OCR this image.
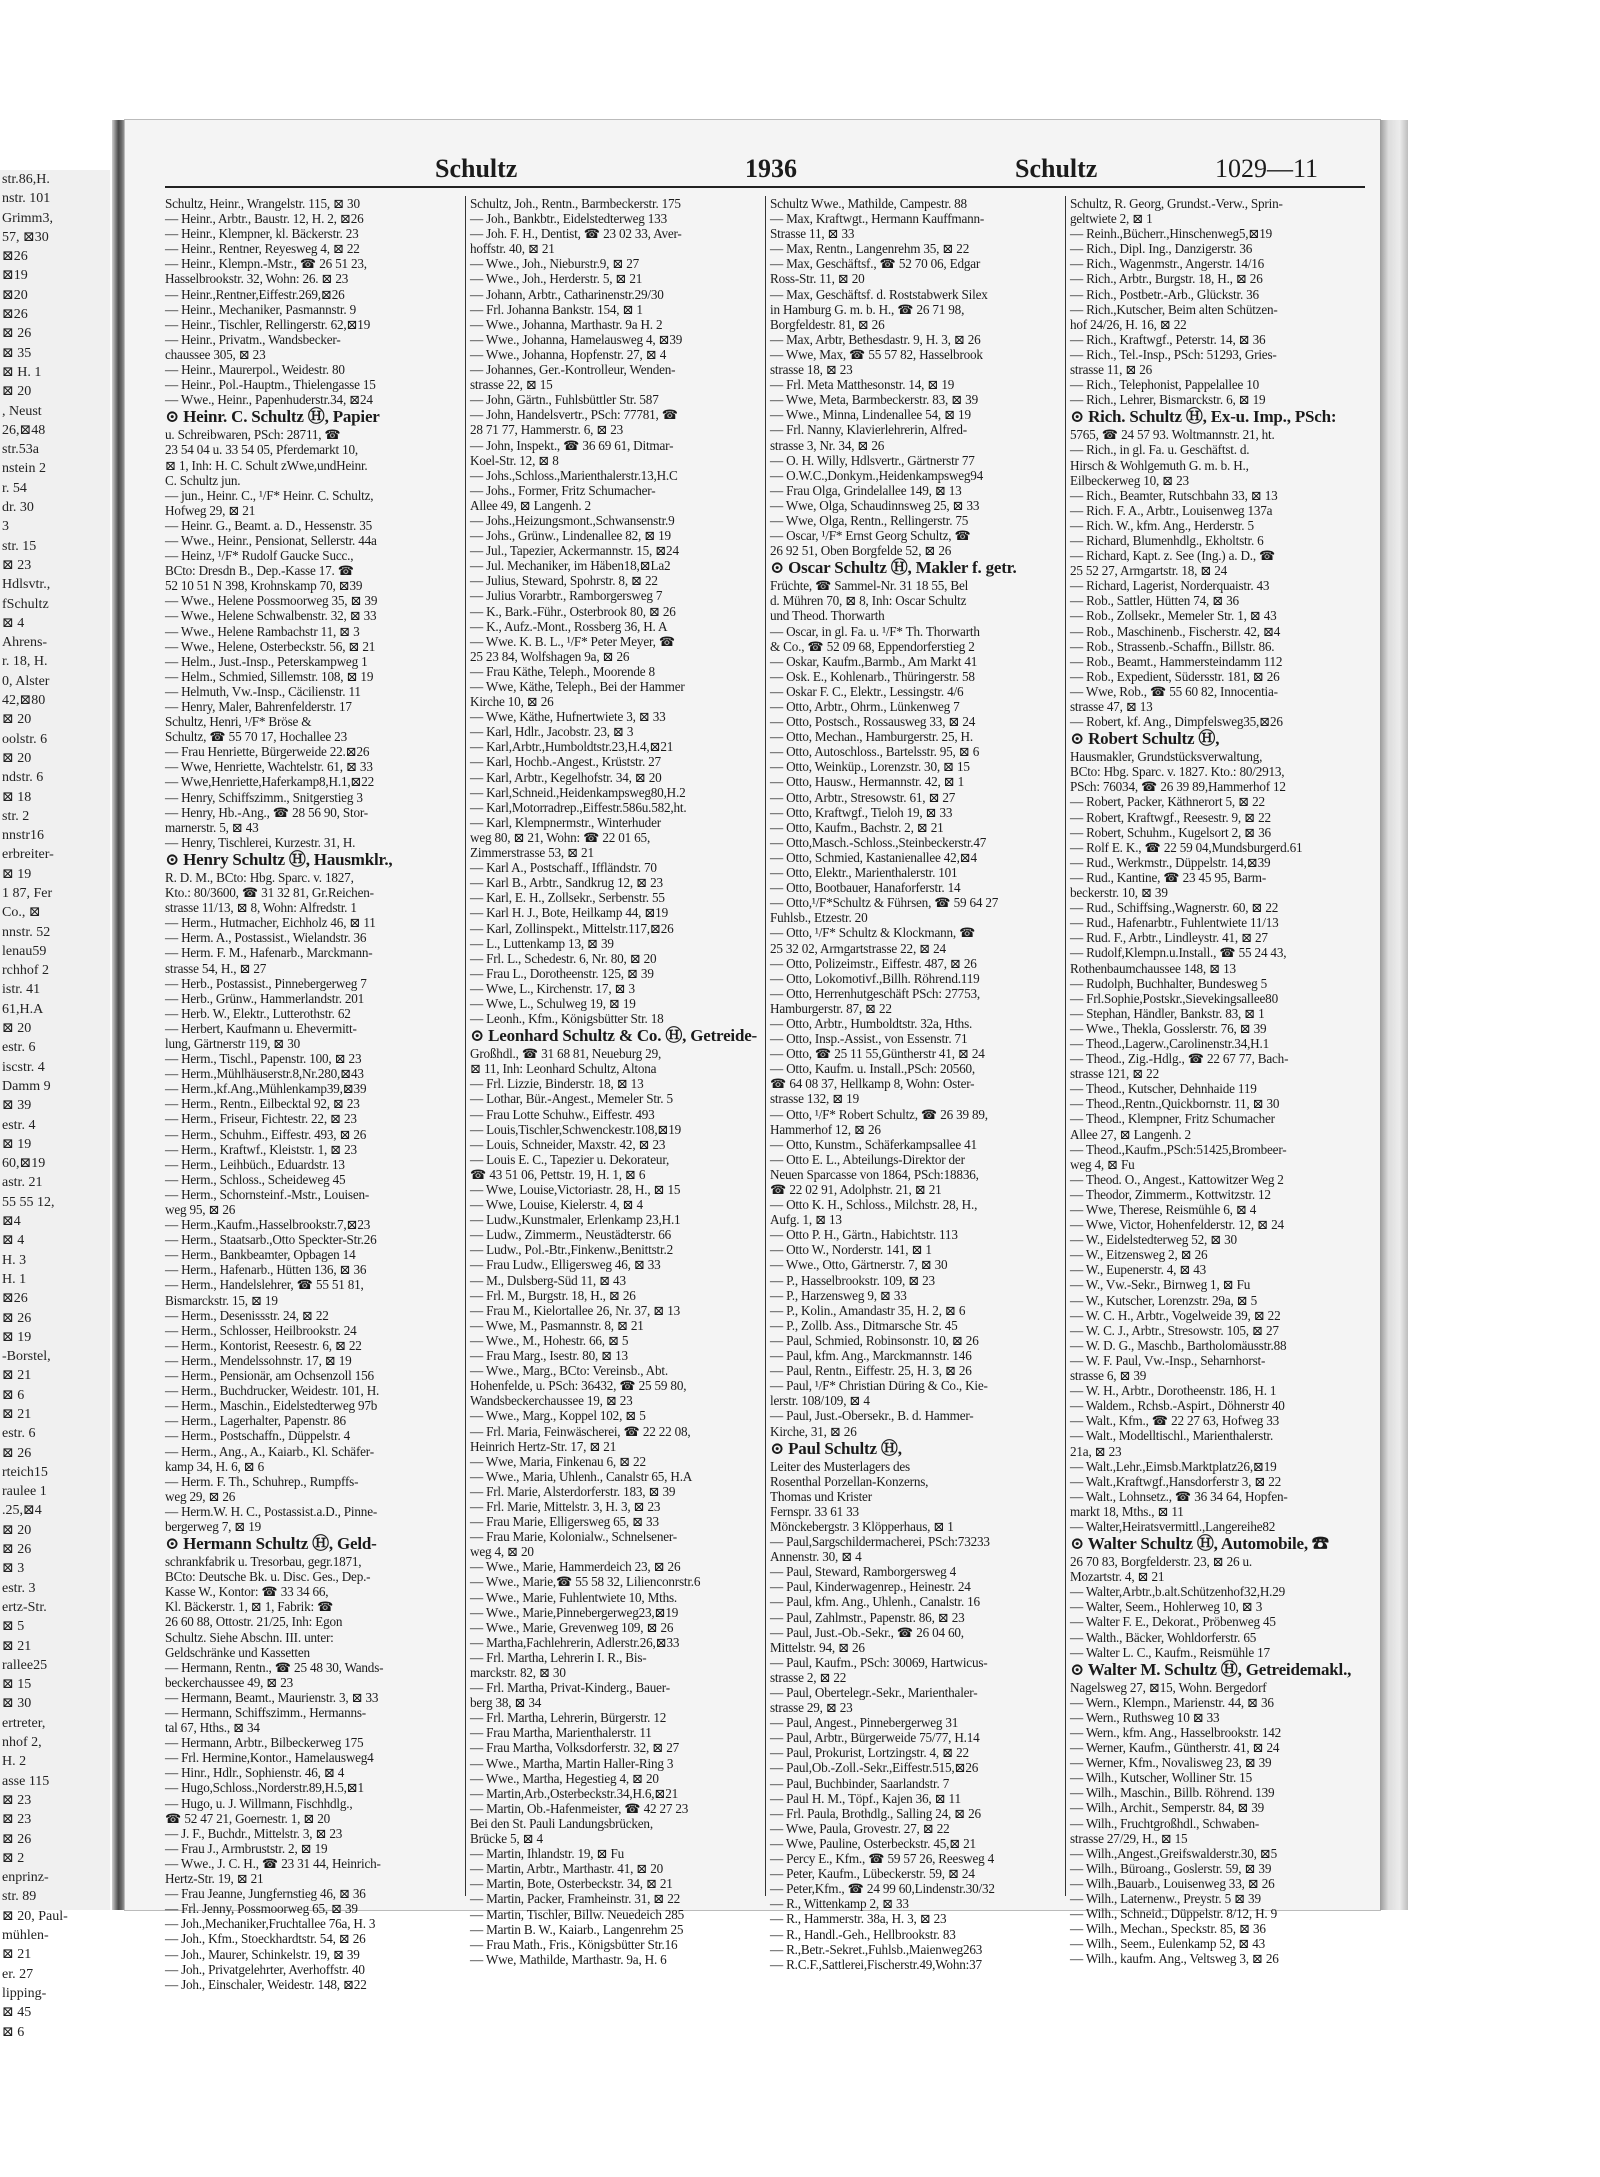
str.86,H.
nstr. 101
Grimm3,
57, ⊠30
⊠26
⊠19
⊠20
⊠26
⊠ 26
⊠ 35
⊠ H. 1
⊠ 20
, Neust
26,⊠48
str.53a
nstein 2
r. 54
dr. 30
3
str. 15
⊠ 23
Hdlsvtr.,
fSchultz
⊠ 4
Ahrens-
r. 18, H.
0, Alster
42,⊠80
⊠ 20
oolstr. 6
⊠ 20
ndstr. 6
⊠ 18
str. 2
nnstr16
erbreiter-
⊠ 19
1 87, Fer
Co., ⊠
nnstr. 52
lenau59
rchhof 2
istr. 41
61,H.A
⊠ 20
estr. 6
iscstr. 4
Damm 9
⊠ 39
estr. 4
⊠ 19
60,⊠19
astr. 21
55 55 12,
⊠4
⊠ 4
H. 3
H. 1
⊠26
⊠ 26
⊠ 19
-Borstel,
⊠ 21
⊠ 6
⊠ 21
estr. 6
⊠ 26
rteich15
raulee 1
.25,⊠4
⊠ 20
⊠ 26
⊠ 3
estr. 3
ertz-Str.
⊠ 5
⊠ 21
rallee25
⊠ 15
⊠ 30
ertreter,
nhof 2,
H. 2
asse 115
⊠ 23
⊠ 23
⊠ 26
⊠ 2
enprinz-
str. 89
⊠ 20, Paul-
mühlen-
⊠ 21
er. 27
lipping-
⊠ 45
⊠ 6
Schultz	1936	Schultz	1029—11
Schultz, Heinr., Wrangelstr. 115, ⊠ 30
— Heinr., Arbtr., Baustr. 12, H. 2, ⊠26
— Heinr., Klempner, kl. Bäckerstr. 23
— Heinr., Rentner, Reyesweg 4, ⊠ 22
— Heinr., Klempn.-Mstr., ☎ 26 51 23,
Hasselbrookstr. 32, Wohn: 26. ⊠ 23
— Heinr.,Rentner,Eiffestr.269,⊠26
— Heinr., Mechaniker, Pasmannstr. 9
— Heinr., Tischler, Rellingerstr. 62,⊠19
— Heinr., Privatm., Wandsbecker-
chaussee 305, ⊠ 23
— Heinr., Maurerpol., Weidestr. 80
— Heinr., Pol.-Hauptm., Thielengasse 15
— Wwe., Heinr., Papenhuderstr.34, ⊠24
⊙ Heinr. C. Schultz Ⓗ, Papier
u. Schreibwaren, PSch: 28711, ☎
23 54 04 u. 33 54 05, Pferdemarkt 10,
⊠ 1, Inh: H. C. Schult zWwe,undHeinr.
C. Schultz jun.
— jun., Heinr. C., ¹/F* Heinr. C. Schultz,
Hofweg 29, ⊠ 21
— Heinr. G., Beamt. a. D., Hessenstr. 35
— Wwe., Heinr., Pensionat, Sellerstr. 44a
— Heinz, ¹/F* Rudolf Gaucke Succ.,
BCto: Dresdn B., Dep.-Kasse 17. ☎
52 10 51 N 398, Krohnskamp 70, ⊠39
— Wwe., Helene Possmoorweg 35, ⊠ 39
— Wwe., Helene Schwalbenstr. 32, ⊠ 33
— Wwe., Helene Rambachstr 11, ⊠ 3
— Wwe., Helene, Osterbeckstr. 56, ⊠ 21
— Helm., Just.-Insp., Peterskampweg 1
— Helm., Schmied, Sillemstr. 108, ⊠ 19
— Helmuth, Vw.-Insp., Cäcilienstr. 11
— Henry, Maler, Bahrenfelderstr. 17
Schultz, Henri, ¹/F* Bröse &
Schultz, ☎ 55 70 17, Hochallee 23
— Frau Henriette, Bürgerweide 22.⊠26
— Wwe, Henriette, Wachtelstr. 61, ⊠ 33
— Wwe,Henriette,Haferkamp8,H.1,⊠22
— Henry, Schiffszimm., Snitgerstieg 3
— Henry, Hb.-Ang., ☎ 28 56 90, Stor-
marnerstr. 5, ⊠ 43
— Henry, Tischlerei, Kurzestr. 31, H.
⊙ Henry Schultz Ⓗ, Hausmklr.,
R. D. M., BCto: Hbg. Sparc. v. 1827,
Kto.: 80/3600, ☎ 31 32 81, Gr.Reichen-
strasse 11/13, ⊠ 8, Wohn: Alfredstr. 1
— Herm., Hutmacher, Eichholz 46, ⊠ 11
— Herm. A., Postassist., Wielandstr. 36
— Herm. F. M., Hafenarb., Marckmann-
strasse 54, H., ⊠ 27
— Herb., Postassist., Pinnebergerweg 7
— Herb., Grünw., Hammerlandstr. 201
— Herb. W., Elektr., Lutterothstr. 62
— Herbert, Kaufmann u. Ehevermitt-
lung, Gärtnerstr 119, ⊠ 30
— Herm., Tischl., Papenstr. 100, ⊠ 23
— Herm.,Mühlhäuserstr.8,Nr.280,⊠43
— Herm.,kf.Ang.,Mühlenkamp39,⊠39
— Herm., Rentn., Eilbecktal 92, ⊠ 23
— Herm., Friseur, Fichtestr. 22, ⊠ 23
— Herm., Schuhm., Eiffestr. 493, ⊠ 26
— Herm., Kraftwf., Kleiststr. 1, ⊠ 23
— Herm., Leihbüch., Eduardstr. 13
— Herm., Schloss., Scheideweg 45
— Herm., Schornsteinf.-Mstr., Louisen-
weg 95, ⊠ 26
— Herm.,Kaufm.,Hasselbrookstr.7,⊠23
— Herm., Staatsarb.,Otto Speckter-Str.26
— Herm., Bankbeamter, Opbagen 14
— Herm., Hafenarb., Hütten 136, ⊠ 36
— Herm., Handelslehrer, ☎ 55 51 81,
Bismarckstr. 15, ⊠ 19
— Herm., Desenissstr. 24, ⊠ 22
— Herm., Schlosser, Heilbrookstr. 24
— Herm., Kontorist, Reesestr. 6, ⊠ 22
— Herm., Mendelssohnstr. 17, ⊠ 19
— Herm., Pensionär, am Ochsenzoll 156
— Herm., Buchdrucker, Weidestr. 101, H.
— Herm., Maschin., Eidelstedterweg 97b
— Herm., Lagerhalter, Papenstr. 86
— Herm., Postschaffn., Düppelstr. 4
— Herm., Ang., A., Kaiarb., Kl. Schäfer-
kamp 34, H. 6, ⊠ 6
— Herm. F. Th., Schuhrep., Rumpffs-
weg 29, ⊠ 26
— Herm.W. H. C., Postassist.a.D., Pinne-
bergerweg 7, ⊠ 19
⊙ Hermann Schultz Ⓗ, Geld-
schrankfabrik u. Tresorbau, gegr.1871,
BCto: Deutsche Bk. u. Disc. Ges., Dep.-
Kasse W., Kontor: ☎ 33 34 66,
Kl. Bäckerstr. 1, ⊠ 1, Fabrik: ☎
26 60 88, Ottostr. 21/25, Inh: Egon
Schultz. Siehe Abschn. III. unter:
Geldschränke und Kassetten
— Hermann, Rentn., ☎ 25 48 30, Wands-
beckerchaussee 49, ⊠ 23
— Hermann, Beamt., Maurienstr. 3, ⊠ 33
— Hermann, Schiffszimm., Hermanns-
tal 67, Hths., ⊠ 34
— Hermann, Arbtr., Bilbeckerweg 175
— Frl. Hermine,Kontor., Hamelausweg4
— Hinr., Hdlr., Sophienstr. 46, ⊠ 4
— Hugo,Schloss.,Norderstr.89,H.5,⊠1
— Hugo, u. J. Willmann, Fischhdlg.,
☎ 52 47 21, Goernestr. 1, ⊠ 20
— J. F., Buchdr., Mittelstr. 3, ⊠ 23
— Frau J., Armbruststr. 2, ⊠ 19
— Wwe., J. C. H., ☎ 23 31 44, Heinrich-
Hertz-Str. 19, ⊠ 21
— Frau Jeanne, Jungfernstieg 46, ⊠ 36
— Frl. Jenny, Possmoorweg 65, ⊠ 39
— Joh.,Mechaniker,Fruchtallee 76a, H. 3
— Joh., Kfm., Stoeckhardtstr. 54, ⊠ 26
— Joh., Maurer, Schinkelstr. 19, ⊠ 39
— Joh., Privatgelehrter, Averhoffstr. 40
— Joh., Einschaler, Weidestr. 148, ⊠22
Schultz, Joh., Rentn., Barmbeckerstr. 175
— Joh., Bankbtr., Eidelstedterweg 133
— Joh. F. H., Dentist, ☎ 23 02 33, Aver-
hoffstr. 40, ⊠ 21
— Wwe., Joh., Nieburstr.9, ⊠ 27
— Wwe., Joh., Herderstr. 5, ⊠ 21
— Johann, Arbtr., Catharinenstr.29/30
— Frl. Johanna Bankstr. 154, ⊠ 1
— Wwe., Johanna, Marthastr. 9a H. 2
— Wwe., Johanna, Hamelausweg 4, ⊠39
— Wwe., Johanna, Hopfenstr. 27, ⊠ 4
— Johannes, Ger.-Kontrolleur, Wenden-
strasse 22, ⊠ 15
— John, Gärtn., Fuhlsbüttler Str. 587
— John, Handelsvertr., PSch: 77781, ☎
28 71 77, Hammerstr. 6, ⊠ 23
— John, Inspekt., ☎ 36 69 61, Ditmar-
Koel-Str. 12, ⊠ 8
— Johs.,Schloss.,Marienthalerstr.13,H.C
— Johs., Former, Fritz Schumacher-
Allee 49, ⊠ Langenh. 2
— Johs.,Heizungsmont.,Schwansenstr.9
— Johs., Grünw., Lindenallee 82, ⊠ 19
— Jul., Tapezier, Ackermannstr. 15, ⊠24
— Jul. Mechaniker, im Häben18,⊠La2
— Julius, Steward, Spohrstr. 8, ⊠ 22
— Julius Vorarbtr., Ramborgersweg 7
— K., Bark.-Führ., Osterbrook 80, ⊠ 26
— K., Aufz.-Mont., Rossberg 36, H. A
— Wwe. K. B. L., ¹/F* Peter Meyer, ☎
25 23 84, Wolfshagen 9a, ⊠ 26
— Frau Käthe, Teleph., Moorende 8
— Wwe, Käthe, Teleph., Bei der Hammer
Kirche 10, ⊠ 26
— Wwe, Käthe, Hufnertwiete 3, ⊠ 33
— Karl, Hdlr., Jacobstr. 23, ⊠ 3
— Karl,Arbtr.,Humboldtstr.23,H.4,⊠21
— Karl, Hochb.-Angest., Krüststr. 27
— Karl, Arbtr., Kegelhofstr. 34, ⊠ 20
— Karl,Schneid.,Heidenkampsweg80,H.2
— Karl,Motorradrep.,Eiffestr.586u.582,ht.
— Karl, Klempnermstr., Winterhuder
weg 80, ⊠ 21, Wohn: ☎ 22 01 65,
Zimmerstrasse 53, ⊠ 21
— Karl A., Postschaff., Iffländstr. 70
— Karl B., Arbtr., Sandkrug 12, ⊠ 23
— Karl, E. H., Zollsekr., Serbenstr. 55
— Karl H. J., Bote, Heilkamp 44, ⊠19
— Karl, Zollinspekt., Mittelstr.117,⊠26
— L., Luttenkamp 13, ⊠ 39
— Frl. L., Schedestr. 6, Nr. 80, ⊠ 20
— Frau L., Dorotheenstr. 125, ⊠ 39
— Wwe, L., Kirchenstr. 17, ⊠ 3
— Wwe, L., Schulweg 19, ⊠ 19
— Leonh., Kfm., Königsbütter Str. 18
⊙ Leonhard Schultz & Co. Ⓗ, Getreide-
Großhdl., ☎ 31 68 81, Neueburg 29,
⊠ 11, Inh: Leonhard Schultz, Altona
— Frl. Lizzie, Binderstr. 18, ⊠ 13
— Lothar, Bür.-Angest., Memeler Str. 5
— Frau Lotte Schuhw., Eiffestr. 493
— Louis,Tischler,Schwenckestr.108,⊠19
— Louis, Schneider, Maxstr. 42, ⊠ 23
— Louis E. C., Tapezier u. Dekorateur,
☎ 43 51 06, Pettstr. 19, H. 1, ⊠ 6
— Wwe, Louise,Victoriastr. 28, H., ⊠ 15
— Wwe, Louise, Kielerstr. 4, ⊠ 4
— Ludw.,Kunstmaler, Erlenkamp 23,H.1
— Ludw., Zimmerm., Neustädterstr. 66
— Ludw., Pol.-Btr.,Finkenw.,Benittstr.2
— Frau Ludw., Elligersweg 46, ⊠ 33
— M., Dulsberg-Süd 11, ⊠ 43
— Frl. M., Burgstr. 18, H., ⊠ 26
— Frau M., Kielortallee 26, Nr. 37, ⊠ 13
— Wwe, M., Pasmannstr. 8, ⊠ 21
— Wwe., M., Hohestr. 66, ⊠ 5
— Frau Marg., Isestr. 80, ⊠ 13
— Wwe., Marg., BCto: Vereinsb., Abt.
Hohenfelde, u. PSch: 36432, ☎ 25 59 80,
Wandsbeckerchaussee 19, ⊠ 23
— Wwe., Marg., Koppel 102, ⊠ 5
— Frl. Maria, Feinwäscherei, ☎ 22 22 08,
Heinrich Hertz-Str. 17, ⊠ 21
— Wwe, Maria, Finkenau 6, ⊠ 22
— Wwe., Maria, Uhlenh., Canalstr 65, H.A
— Frl. Marie, Alsterdorferstr. 183, ⊠ 39
— Frl. Marie, Mittelstr. 3, H. 3, ⊠ 23
— Frau Marie, Elligersweg 65, ⊠ 33
— Frau Marie, Kolonialw., Schnelsener-
weg 4, ⊠ 20
— Wwe., Marie, Hammerdeich 23, ⊠ 26
— Wwe., Marie,☎ 55 58 32, Lilienconrstr.6
— Wwe., Marie, Fuhlentwiete 10, Mths.
— Wwe., Marie,Pinnebergerweg23,⊠19
— Wwe., Marie, Grevenweg 109, ⊠ 26
— Martha,Fachlehrerin, Adlerstr.26,⊠33
— Frl. Martha, Lehrerin I. R., Bis-
marckstr. 82, ⊠ 30
— Frl. Martha, Privat-Kinderg., Bauer-
berg 38, ⊠ 34
— Frl. Martha, Lehrerin, Bürgerstr. 12
— Frau Martha, Marienthalerstr. 11
— Frau Martha, Volksdorferstr. 32, ⊠ 27
— Wwe., Martha, Martin Haller-Ring 3
— Wwe., Martha, Hegestieg 4, ⊠ 20
— Martin,Arb.,Osterbeckstr.34,H.6,⊠21
— Martin, Ob.-Hafenmeister, ☎ 42 27 23
Bei den St. Pauli Landungsbrücken,
Brücke 5, ⊠ 4
— Martin, Ihlandstr. 19, ⊠ Fu
— Martin, Arbtr., Marthastr. 41, ⊠ 20
— Martin, Bote, Osterbeckstr. 34, ⊠ 21
— Martin, Packer, Framheinstr. 31, ⊠ 22
— Martin, Tischler, Billw. Neuedeich 285
— Martin B. W., Kaiarb., Langenrehm 25
— Frau Math., Fris., Königsbütter Str.16
— Wwe, Mathilde, Marthastr. 9a, H. 6
Schultz Wwe., Mathilde, Campestr. 88
— Max, Kraftwgt., Hermann Kauffmann-
Strasse 11, ⊠ 33
— Max, Rentn., Langenrehm 35, ⊠ 22
— Max, Geschäftsf., ☎ 52 70 06, Edgar
Ross-Str. 11, ⊠ 20
— Max, Geschäftsf. d. Roststabwerk Silex
in Hamburg G. m. b. H., ☎ 26 71 98,
Borgfeldestr. 81, ⊠ 26
— Max, Arbtr, Bethesdastr. 9, H. 3, ⊠ 26
— Wwe, Max, ☎ 55 57 82, Hasselbrook
strasse 18, ⊠ 23
— Frl. Meta Matthesonstr. 14, ⊠ 19
— Wwe, Meta, Barmbeckerstr. 83, ⊠ 39
— Wwe., Minna, Lindenallee 54, ⊠ 19
— Frl. Nanny, Klavierlehrerin, Alfred-
strasse 3, Nr. 34, ⊠ 26
— O. H. Willy, Hdlsvertr., Gärtnerstr 77
— O.W.C.,Donkym.,Heidenkampsweg94
— Frau Olga, Grindelallee 149, ⊠ 13
— Wwe, Olga, Schaudinnsweg 25, ⊠ 33
— Wwe, Olga, Rentn., Rellingerstr. 75
— Oscar, ¹/F* Ernst Georg Schultz, ☎
26 92 51, Oben Borgfelde 52, ⊠ 26
⊙ Oscar Schultz Ⓗ, Makler f. getr.
Früchte, ☎ Sammel-Nr. 31 18 55, Bel
d. Mühren 70, ⊠ 8, Inh: Oscar Schultz
und Theod. Thorwarth
— Oscar, in gl. Fa. u. ¹/F* Th. Thorwarth
& Co., ☎ 52 09 68, Eppendorferstieg 2
— Oskar, Kaufm.,Barmb., Am Markt 41
— Osk. E., Kohlenarb., Thüringerstr. 58
— Oskar F. C., Elektr., Lessingstr. 4/6
— Otto, Arbtr., Ohrm., Lünkenweg 7
— Otto, Postsch., Rossausweg 33, ⊠ 24
— Otto, Mechan., Hamburgerstr. 25, H.
— Otto, Autoschloss., Bartelsstr. 95, ⊠ 6
— Otto, Weinküp., Lorenzstr. 30, ⊠ 15
— Otto, Hausw., Hermannstr. 42, ⊠ 1
— Otto, Arbtr., Stresowstr. 61, ⊠ 27
— Otto, Kraftwgf., Tieloh 19, ⊠ 33
— Otto, Kaufm., Bachstr. 2, ⊠ 21
— Otto,Masch.-Schloss.,Steinbeckerstr.47
— Otto, Schmied, Kastanienallee 42,⊠4
— Otto, Elektr., Marienthalerstr. 101
— Otto, Bootbauer, Hanaforferstr. 14
— Otto,¹/F*Schultz & Führsen, ☎ 59 64 27
Fuhlsb., Etzestr. 20
— Otto, ¹/F* Schultz & Klockmann, ☎
25 32 02, Armgartstrasse 22, ⊠ 24
— Otto, Polizeimstr., Eiffestr. 487, ⊠ 26
— Otto, Lokomotivf.,Billh. Röhrend.119
— Otto, Herrenhutgeschäft PSch: 27753,
Hamburgerstr. 87, ⊠ 22
— Otto, Arbtr., Humboldtstr. 32a, Hths.
— Otto, Insp.-Assist., von Essenstr. 71
— Otto, ☎ 25 11 55,Güntherstr 41, ⊠ 24
— Otto, Kaufm. u. Install.,PSch: 20560,
☎ 64 08 37, Hellkamp 8, Wohn: Oster-
strasse 132, ⊠ 19
— Otto, ¹/F* Robert Schultz, ☎ 26 39 89,
Hammerhof 12, ⊠ 26
— Otto, Kunstm., Schäferkampsallee 41
— Otto E. L., Abteilungs-Direktor der
Neuen Sparcasse von 1864, PSch:18836,
☎ 22 02 91, Adolphstr. 21, ⊠ 21
— Otto K. H., Schloss., Milchstr. 28, H.,
Aufg. 1, ⊠ 13
— Otto P. H., Gärtn., Habichtstr. 113
— Otto W., Norderstr. 141, ⊠ 1
— Wwe., Otto, Gärtnerstr. 7, ⊠ 30
— P., Hasselbrookstr. 109, ⊠ 23
— P., Harzensweg 9, ⊠ 33
— P., Kolin., Amandastr 35, H. 2, ⊠ 6
— P., Zollb. Ass., Ditmarsche Str. 45
— Paul, Schmied, Robinsonstr. 10, ⊠ 26
— Paul, kfm. Ang., Marckmannstr. 146
— Paul, Rentn., Eiffestr. 25, H. 3, ⊠ 26
— Paul, ¹/F* Christian Düring & Co., Kie-
lerstr. 108/109, ⊠ 4
— Paul, Just.-Obersekr., B. d. Hammer-
Kirche, 31, ⊠ 26
⊙ Paul Schultz Ⓗ,
Leiter des Musterlagers des
Rosenthal Porzellan-Konzerns,
Thomas und Krister
Fernspr. 33 61 33
Mönckebergstr. 3 Klöpperhaus, ⊠ 1
— Paul,Sargschildermacherei, PSch:73233
Annenstr. 30, ⊠ 4
— Paul, Steward, Ramborgersweg 4
— Paul, Kinderwagenrep., Heinestr. 24
— Paul, kfm. Ang., Uhlenh., Canalstr. 16
— Paul, Zahlmstr., Papenstr. 86, ⊠ 23
— Paul, Just.-Ob.-Sekr., ☎ 26 04 60,
Mittelstr. 94, ⊠ 26
— Paul, Kaufm., PSch: 30069, Hartwicus-
strasse 2, ⊠ 22
— Paul, Obertelegr.-Sekr., Marienthaler-
strasse 29, ⊠ 23
— Paul, Angest., Pinnebergerweg 31
— Paul, Arbtr., Bürgerweide 75/77, H.14
— Paul, Prokurist, Lortzingstr. 4, ⊠ 22
— Paul,Ob.-Zoll.-Sekr.,Eiffestr.515,⊠26
— Paul, Buchbinder, Saarlandstr. 7
— Paul H. M., Töpf., Kajen 36, ⊠ 11
— Frl. Paula, Brothdlg., Salling 24, ⊠ 26
— Wwe, Paula, Grovestr. 27, ⊠ 22
— Wwe, Pauline, Osterbeckstr. 45,⊠ 21
— Percy E., Kfm., ☎ 59 57 26, Reesweg 4
— Peter, Kaufm., Lübeckerstr. 59, ⊠ 24
— Peter,Kfm., ☎ 24 99 60,Lindenstr.30/32
— R., Wittenkamp 2, ⊠ 33
— R., Hammerstr. 38a, H. 3, ⊠ 23
— R., Handl.-Geh., Hellbrookstr. 83
— R.,Betr.-Sekret.,Fuhlsb.,Maienweg263
— R.C.F.,Sattlerei,Fischerstr.49,Wohn:37
Schultz, R. Georg, Grundst.-Verw., Sprin-
geltwiete 2, ⊠ 1
— Reinh.,Bücherr.,Hinschenweg5,⊠19
— Rich., Dipl. Ing., Danzigerstr. 36
— Rich., Wagenmstr., Angerstr. 14/16
— Rich., Arbtr., Burgstr. 18, H., ⊠ 26
— Rich., Postbetr.-Arb., Glückstr. 36
— Rich.,Kutscher, Beim alten Schützen-
hof 24/26, H. 16, ⊠ 22
— Rich., Kraftwgf., Peterstr. 14, ⊠ 36
— Rich., Tel.-Insp., PSch: 51293, Gries-
strasse 11, ⊠ 26
— Rich., Telephonist, Pappelallee 10
— Rich., Lehrer, Bismarckstr. 6, ⊠ 19
⊙ Rich. Schultz Ⓗ, Ex-u. Imp., PSch:
5765, ☎ 24 57 93. Woltmannstr. 21, ht.
— Rich., in gl. Fa. u. Geschäftst. d.
Hirsch & Wohlgemuth G. m. b. H.,
Eilbeckerweg 10, ⊠ 23
— Rich., Beamter, Rutschbahn 33, ⊠ 13
— Rich. F. A., Arbtr., Louisenweg 137a
— Rich. W., kfm. Ang., Herderstr. 5
— Richard, Blumenhdlg., Ekholtstr. 6
— Richard, Kapt. z. See (Ing.) a. D., ☎
25 52 27, Armgartstr. 18, ⊠ 24
— Richard, Lagerist, Norderquaistr. 43
— Rob., Sattler, Hütten 74, ⊠ 36
— Rob., Zollsekr., Memeler Str. 1, ⊠ 43
— Rob., Maschinenb., Fischerstr. 42, ⊠4
— Rob., Strassenb.-Schaffn., Billstr. 86.
— Rob., Beamt., Hammersteindamm 112
— Rob., Expedient, Südersstr. 181, ⊠ 26
— Wwe, Rob., ☎ 55 60 82, Innocentia-
strasse 47, ⊠ 13
— Robert, kf. Ang., Dimpfelsweg35,⊠26
⊙ Robert Schultz Ⓗ,
Hausmakler, Grundstücksverwaltung,
BCto: Hbg. Sparc. v. 1827. Kto.: 80/2913,
PSch: 76034, ☎ 26 39 89,Hammerhof 12
— Robert, Packer, Käthnerort 5, ⊠ 22
— Robert, Kraftwgf., Reesestr. 9, ⊠ 22
— Robert, Schuhm., Kugelsort 2, ⊠ 36
— Rolf E. K., ☎ 22 59 04,Mundsburgerd.61
— Rud., Werkmstr., Düppelstr. 14,⊠39
— Rud., Kantine, ☎ 23 45 95, Barm-
beckerstr. 10, ⊠ 39
— Rud., Schiffsing.,Wagnerstr. 60, ⊠ 22
— Rud., Hafenarbtr., Fuhlentwiete 11/13
— Rud. F., Arbtr., Lindleystr. 41, ⊠ 27
— Rudolf,Klempn.u.Install., ☎ 55 24 43,
Rothenbaumchaussee 148, ⊠ 13
— Rudolph, Buchhalter, Bundesweg 5
— Frl.Sophie,Postskr.,Sievekingsallee80
— Stephan, Händler, Bankstr. 83, ⊠ 1
— Wwe., Thekla, Gosslerstr. 76, ⊠ 39
— Theod.,Lagerw.,Carolinenstr.34,H.1
— Theod., Zig.-Hdlg., ☎ 22 67 77, Bach-
strasse 121, ⊠ 22
— Theod., Kutscher, Dehnhaide 119
— Theod.,Rentn.,Quickbornstr. 11, ⊠ 30
— Theod., Klempner, Fritz Schumacher
Allee 27, ⊠ Langenh. 2
— Theod.,Kaufm.,PSch:51425,Brombeer-
weg 4, ⊠ Fu
— Theod. O., Angest., Kattowitzer Weg 2
— Theodor, Zimmerm., Kottwitzstr. 12
— Wwe, Therese, Reismühle 6, ⊠ 4
— Wwe, Victor, Hohenfelderstr. 12, ⊠ 24
— W., Eidelstedterweg 52, ⊠ 30
— W., Eitzensweg 2, ⊠ 26
— W., Eupenerstr. 4, ⊠ 43
— W., Vw.-Sekr., Birnweg 1, ⊠ Fu
— W., Kutscher, Lorenzstr. 29a, ⊠ 5
— W. C. H., Arbtr., Vogelweide 39, ⊠ 22
— W. C. J., Arbtr., Stresowstr. 105, ⊠ 27
— W. D. G., Maschb., Bartholomäusstr.88
— W. F. Paul, Vw.-Insp., Seharnhorst-
strasse 6, ⊠ 39
— W. H., Arbtr., Dorotheenstr. 186, H. 1
— Waldem., Rchsb.-Aspirt., Döhnerstr 40
— Walt., Kfm., ☎ 22 27 63, Hofweg 33
— Walt., Modelltischl., Marienthalerstr.
21a, ⊠ 23
— Walt.,Lehr.,Eimsb.Marktplatz26,⊠19
— Walt.,Kraftwgf.,Hansdorferstr 3, ⊠ 22
— Walt., Lohnsetz., ☎ 36 34 64, Hopfen-
markt 18, Mths., ⊠ 11
— Walter,Heiratsvermittl.,Langereihe82
⊙ Walter Schultz Ⓗ, Automobile, ☎
26 70 83, Borgfelderstr. 23, ⊠ 26 u.
Mozartstr. 4, ⊠ 21
— Walter,Arbtr.,b.alt.Schützenhof32,H.29
— Walter, Seem., Hohlerweg 10, ⊠ 3
— Walter F. E., Dekorat., Pröbenweg 45
— Walth., Bäcker, Wohldorferstr. 65
— Walter L. C., Kaufm., Reismühle 17
⊙ Walter M. Schultz Ⓗ, Getreidemakl.,
Nagelsweg 27, ⊠15, Wohn. Bergedorf
— Wern., Klempn., Marienstr. 44, ⊠ 36
— Wern., Ruthsweg 10 ⊠ 33
— Wern., kfm. Ang., Hasselbrookstr. 142
— Werner, Kaufm., Güntherstr. 41, ⊠ 24
— Werner, Kfm., Novalisweg 23, ⊠ 39
— Wilh., Kutscher, Wolliner Str. 15
— Wilh., Maschin., Billb. Röhrend. 139
— Wilh., Archit., Semperstr. 84, ⊠ 39
— Wilh., Fruchtgroßhdl., Schwaben-
strasse 27/29, H., ⊠ 15
— Wilh.,Angest.,Greifswalderstr.30, ⊠5
— Wilh., Büroang., Goslerstr. 59, ⊠ 39
— Wilh.,Bauarb., Louisenweg 33, ⊠ 26
— Wilh., Laternenw., Preystr. 5 ⊠ 39
— Wilh., Schneid., Düppelstr. 8/12, H. 9
— Wilh., Mechan., Speckstr. 85, ⊠ 36
— Wilh., Seem., Eulenkamp 52, ⊠ 43
— Wilh., kaufm. Ang., Veltsweg 3, ⊠ 26
